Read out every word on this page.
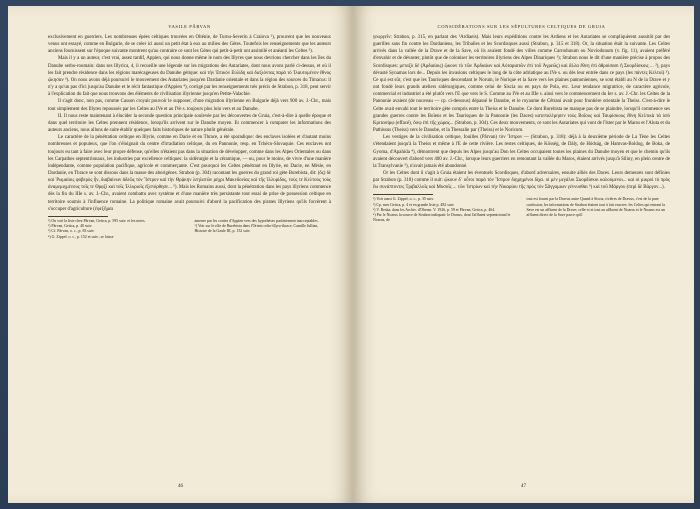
VASILE PÂRVAN

exclusivement en guerriers. Les nombreuses épées celtiques trouvées en Olténie, de Turnu-Severin à Craiova ¹), prouvent que les nouveaux venus ont essayé, comme en Bulgarie, de se créer ici aussi un petit état à eux au milieu des Gètes. Toutefois les renseignements que les auteurs anciens fournissent sur l'époque suivante montrent qu'au contraire ce sont les Gètes qui petit-à-petit ont assimilé et anéanti les Celtes ²).

Mais il y a un auteur, c'est vrai, assez tardif, Appien, qui nous donne même le nom des Illyres que nous devrions chercher dans les îles du Danube serbo-roumain: dans ses Illyrica, 4, il recueille une légende sur les migrations des Autariates, dont nous avons parlé ci-dessus, et où il les fait prendre résidence dans les régions marécageuses du Danube gétique: καὶ τὴν Ἐπικὸν Εὐλίδη καὶ διεξιόντας παρὰ τὸ Ἰλαυτομένον ἔθνος ᾤκησαν ³). On nous avons déjà poursuivi le mouvement des Autariates jusqu'en Dardanie orientale et dans la région des sources du Timacus: il n'y a qu'un pas d'ici jusqu'au Danube et le récit fantastique d'Appien ⁴), corrigé par les renseignements très précis de Strabon, p. 318, peut servir à l'explication du fait que nous trouvons des éléments de civilisation illyrienne jusqu'en Petite-Valachie.

Il s'agit donc, non pas, comme Casson croyait pouvoir le supposer, d'une migration illyrienne en Bulgarie déjà vers 900 av. J.-Chr., mais tout simplement des Illyres repoussés par les Celtes au IVe et au IVe s. toujours plus loin vers et au Danube.

II. Il nous reste maintenant à élucider la seconde question principale soulevée par les découvertes de Gruia, c'est-à-dire à quelle époque et dans quel territoire les Celtes prennent résidence, lorsqu'ils arrivent sur le Danube moyen. Et commencer à comparer les informations des auteurs anciens, nous allons de suite établir quelques faits historiques de nature plutôt générale.

Le caractère de la pénétration celtique en Illyrie, comme en Dacie et en Thrace, a été sporadique: des enclaves isolées et d'autant moins nombreuses et populeux, que l'on s'éloignait du centre d'irradiation celtique, du en Pannonie, resp. en Tchéco-Slovaquie. Ces enclaves ont toujours eu tant à faire avec leur propre défense, qu'elles n'étaient pas dans la situation de développer, comme dans les Alpes Orientales ou dans les Carpathes septentrionaux, les industries par excellence celtiques: la sidérurgie et la céramique, — ou, pour le moins, de vivre d'une manière indépendante, comme population pacifique, agricole et commerçante. C'est pourquoi les Celtes pénétrant en Illyrie, en Dacie, en Mésie, en Dardanie, en Thrace se sont dissous dans la masse des aborigènes. Strabon (p. 304) racontant les guerres du grand roi gète Burebista, dit: (ὅς) δὲ καὶ Ῥωμαίοις φοβερὸς ἦν, διαβαίνων ἀδεῶς τὸν Ἴστρον καὶ τὴν Θρᾴκην λεηλατῶν μέχρι Μακεδονίας καὶ τῆς Ἰλλυρίδος, τούς τε Κελτοὺς τοὺς ἀναμεμιγμένους τοῖς τε Θρᾳξὶ καὶ τοῖς Ἰλλυριοῖς ἐξεπόρθησε... ⁵). Mais les Romains aussi, dont la pénétration dans les pays illyriens commence dès la fin du IIIe s. av. J.-Chr., avaient combattu avec système et d'une manière très persistante tout essai de prise de possession celtique en territoire soumis à l'influence romaine. La politique romaine avait poursuivi d'abord la pacification des pirates Illyriens qu'ils forcèrent à s'occuper d'agriculture (ἐφεξῆμαι

¹) On voit la liste chez Pârvan, Getica, p. 595 suiv. et les notes.

²) Pârvan, Getica, p. 40 suiv.

³) Cf. Pârvan, o. c., p. 83 suiv.

⁴) G. Zippel, o. c., p. 152 et suiv., se laisse

amener par les contes d'Appien vers des hypothèses parfaitement inacceptables.

⁵) Voir sur le rôle de Burebista dans l'Orient celto-illyro-thrace, Camille Jullian, Histoire de la Gaule III, p. 152 suiv.

46
CONSIDÉRATIONS SUR LES SÉPULTURES CELTIQUES DE GRUIA

γεωργεῖν: Strabon, p. 315, en parlant des ¹Ardiaeis). Mais leurs expéditions contre les Ardiens et les Autariates se compliquèrent aussitôt par des guerilles sans fin contre les Dardaniens, les Triballes et les Scordisques aussi (Strabon, p. 315 et 318). Or, la situation était la suivante. Les Celtes arrivés dans la vallée de la Drave et de la Save, où ils avaient fondé des villes comme Carrodunum ou Noviodunum (v. fig. 11), avaient préféré d'envahir et de dévaster, plutôt que de coloniser les territoires illyriens des Alpes Dinariques ¹); Strabon nous le dit d'une manière précise à propos des Scordisques: μεταξὺ δὲ (Ἀρδιαίοις) ᾤκουν τὸ τῶν Ἀρδιαίων καὶ Αὐταριατῶν ἐπὶ τοῦ Ἀγρεῶς) καὶ ἄλλα ἔθνη ἐπὶ ἀθροίσασι ἢ Σκορδίσκοις ... ²), pays dévasté Synamas lors de... Depuis les invasions celtiques le long de la côte adriatique au IVe s. ou dès leur entrée dans ce pays (les πάντες Κελτοί) ³). Ce qui est sûr, c'est que les Taurisques descendant le Norum, le Norique et la Save vers les plaines pannoniennes, se sont établi au N de la Drave et y ont fondé leurs grands ateliers sidérurgiques, comme celui de Siscia ou en pays de Pola, etc. Leur tendance migratrice, de caractère agricole, commercial et industriel a été plutôt vers l'E que vers le S. Comme au IVe et au IIIe s. ainsi vers le commencement du Ier s. av. J.-Chr. les Celtes de la Pannonie avaient (de nouveau — cp. ci-dessous) dépassé le Danube, et le royaume de Cêtrani avait pour frontière orientale la Theiss. C'est-à-dire le Celte avait envahi tout le territoire gète compris entre la Theiss et le Danube. Ce dont Burebista ne manque pas de se plaindre, lorsqu'il commence ses grandes guerres contre les Boïens et les Taurisques de la Pannonie (les Daces) κατεπολέμησεν τοὺς Βοΐους καὶ Ταυρίσκους ἔθνη Κελτικὰ τὰ ὑπὸ Κριτασίρῳ (effacé), ὅσῳ ἐπὶ τῆς χώρας... (Strabon, p. 304). Ces deux mouvements, ce sont les Autariates qui vont de l'Ister par le Maros et l'Aluta et du Pathissus (Theiss) vers le Danube, et la Thessalie par (Theiss) et le Noricum.

Les vestiges de la civilisation celtique, fouilles (Pârvan) τὸν Ἴστρον — (Strabon, p. 318): déjà à la deuxième période de La Tène les Celtes s'étendaient jusqu'à la Theiss et même à l'E de cette rivière. Les restes celtiques, de Kösség, de Dály, de Hódság, de Hamvas-Boldog, de Boka, de Gyoma, d'Apahida ⁴), démontrent que depuis les Alpes jusqu'au Don les Celtes occupaient toutes les plaines du Danube moyen et que le chemin qu'ils avaient découvert d'abord vers 400 av. J.-Chr., lorsque leurs guerriers en remontant la vallée du Maros, étaient arrivés jusqu'à Siliny, en plein centre de la Transylvanie ⁵), n'avait jamais été abandonné.

Or les Celtes dont il s'agit à Gruia étaient les éventuels Scordisques, d'abord adversaires, ensuite alliés des Daces. Leurs demeures sont définies par Strabon (p. 318) comme il suit: ᾤκουν δ᾽ οὗτοι παρὰ τὸν Ἴστρον διῃρημένοι δίχα. οἱ μὲν μεγάλοι Σκορδίσκοι καλούμενοι... καὶ οἱ μικροὶ τὸ πρὸς ἕω συνάπτοντες Τριβαλλοῖς καὶ Μυσοῖς ... τῶν Ἰστρίων καὶ τὴν Νικαρίου τῆς πρὸς τὸν Σάγγαμιων γέννυσθαι ⁶) καὶ τοῦ Μάργου (περὶ δὲ Βάργον...).

¹) Voir aussi G. Zippel, o. c., p. 35 suiv.

²) Cp. mes Getica, p. 4 et en grande liste p. 482 suiv.

³) V. Reska, dans les Archiv. d'Oberm. V. 1926, p. 59 et Pârvan, Getica, p. 464.

⁴) Par le Noarus la source de Strabon indiquait: le Drasus, dont l'affluent septentrional le Noarus, de

tout est fourni par la Dravus autre Quand à Siscia, rivières de Dravus, c'est de la pure confusion; les informations de Strabon étaient tout à fait exactes: les Celtes qui entrant la Save est un affluent de la Drave; celle-ci et tout au affluent de Noarus et le Noarus est un affluent direct de la Save parce qu'il

47
